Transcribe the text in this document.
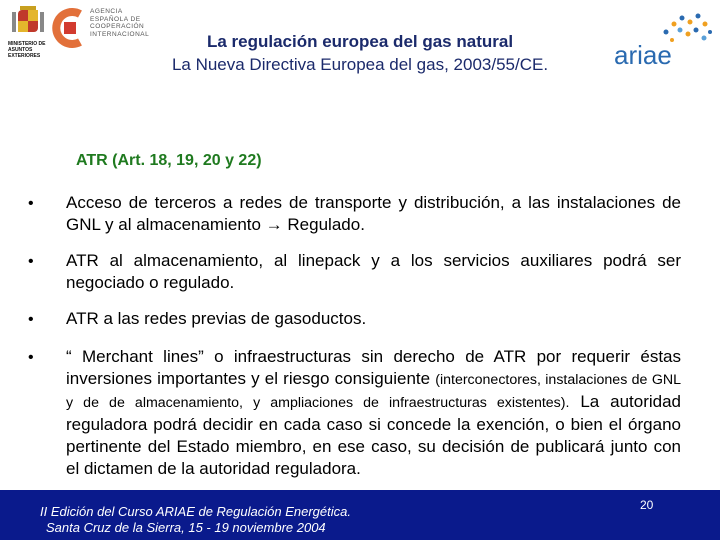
MINISTERIO DE ASUNTOS EXTERIORES
AGENCIA
ESPAÑOLA DE
COOPERACIÓN
INTERNACIONAL
ariae
La regulación europea del gas natural
La Nueva Directiva Europea del gas, 2003/55/CE.
ATR (Art. 18, 19, 20 y 22)
•	Acceso de terceros a redes de transporte y distribución, a las instalaciones de GNL y al almacenamiento → Regulado.
•	ATR al almacenamiento, al linepack y a los servicios auxiliares podrá ser negociado o regulado.
•	ATR a las redes previas de gasoductos.
•	“ Merchant lines” o infraestructuras sin derecho de ATR por requerir éstas inversiones importantes y el riesgo consiguiente (interconectores, instalaciones de GNL y de de almacenamiento, y ampliaciones de infraestructuras existentes). La autoridad reguladora podrá decidir en cada caso si concede la exención, o bien el órgano pertinente del Estado miembro, en ese caso, su decisión de publicará junto con el dictamen de la autoridad reguladora.
II Edición del Curso ARIAE de Regulación Energética.
Santa Cruz de la Sierra, 15 - 19 noviembre 2004
20
